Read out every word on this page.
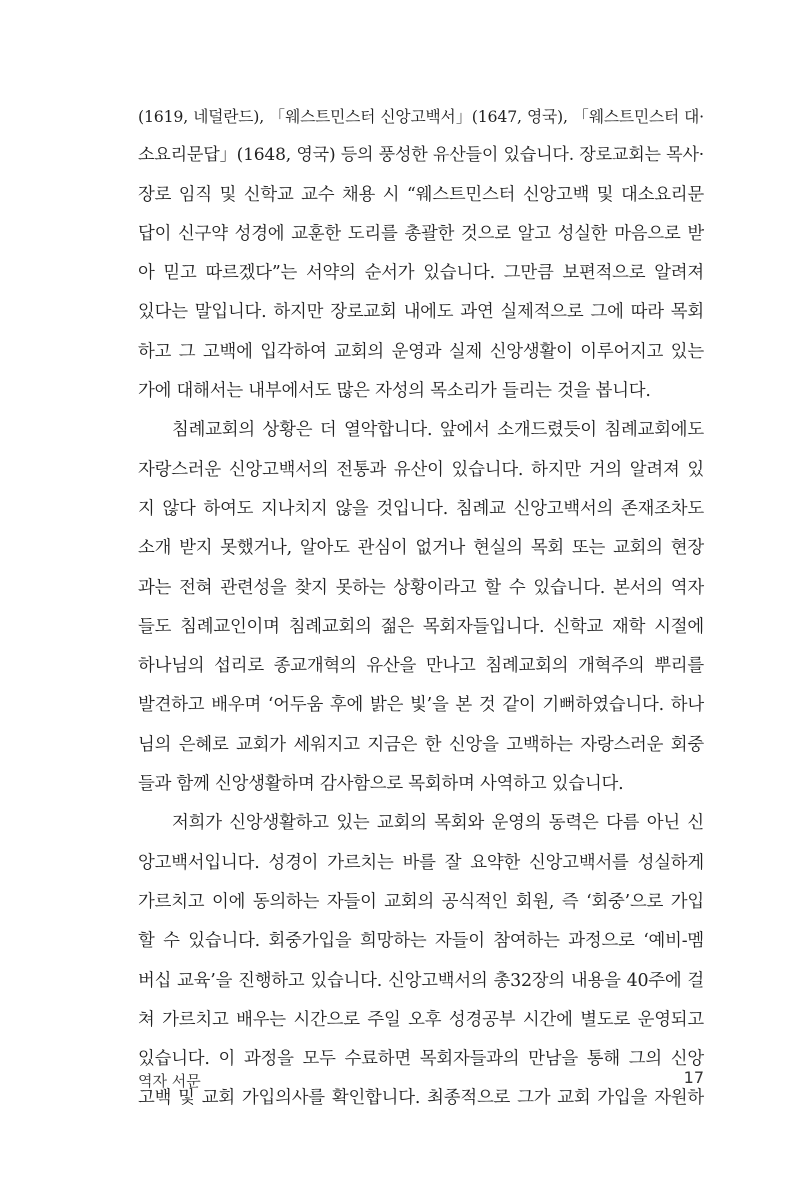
(1619, 네덜란드), 「웨스트민스터 신앙고백서」(1647, 영국), 「웨스트민스터 대·
소요리문답」(1648, 영국) 등의 풍성한 유산들이 있습니다. 장로교회는 목사·
장로 임직 및 신학교 교수 채용 시 “웨스트민스터 신앙고백 및 대소요리문
답이 신구약 성경에 교훈한 도리를 총괄한 것으로 알고 성실한 마음으로 받
아 믿고 따르겠다”는 서약의 순서가 있습니다. 그만큼 보편적으로 알려져
있다는 말입니다. 하지만 장로교회 내에도 과연 실제적으로 그에 따라 목회
하고 그 고백에 입각하여 교회의 운영과 실제 신앙생활이 이루어지고 있는
가에 대해서는 내부에서도 많은 자성의 목소리가 들리는 것을 봅니다.
침례교회의 상황은 더 열악합니다. 앞에서 소개드렸듯이 침례교회에도
자랑스러운 신앙고백서의 전통과 유산이 있습니다. 하지만 거의 알려져 있
지 않다 하여도 지나치지 않을 것입니다. 침례교 신앙고백서의 존재조차도
소개 받지 못했거나, 알아도 관심이 없거나 현실의 목회 또는 교회의 현장
과는 전혀 관련성을 찾지 못하는 상황이라고 할 수 있습니다. 본서의 역자
들도 침례교인이며 침례교회의 젊은 목회자들입니다. 신학교 재학 시절에
하나님의 섭리로 종교개혁의 유산을 만나고 침례교회의 개혁주의 뿌리를
발견하고 배우며 ‘어두움 후에 밝은 빛’을 본 것 같이 기뻐하였습니다. 하나
님의 은혜로 교회가 세워지고 지금은 한 신앙을 고백하는 자랑스러운 회중
들과 함께 신앙생활하며 감사함으로 목회하며 사역하고 있습니다.
저희가 신앙생활하고 있는 교회의 목회와 운영의 동력은 다름 아닌 신
앙고백서입니다. 성경이 가르치는 바를 잘 요약한 신앙고백서를 성실하게
가르치고 이에 동의하는 자들이 교회의 공식적인 회원, 즉 ‘회중’으로 가입
할 수 있습니다. 회중가입을 희망하는 자들이 참여하는 과정으로 ‘예비-멤
버십 교육’을 진행하고 있습니다. 신앙고백서의 총32장의 내용을 40주에 걸
쳐 가르치고 배우는 시간으로 주일 오후 성경공부 시간에 별도로 운영되고
있습니다. 이 과정을 모두 수료하면 목회자들과의 만남을 통해 그의 신앙
고백 및 교회 가입의사를 확인합니다. 최종적으로 그가 교회 가입을 자원하
역자 서문	17
